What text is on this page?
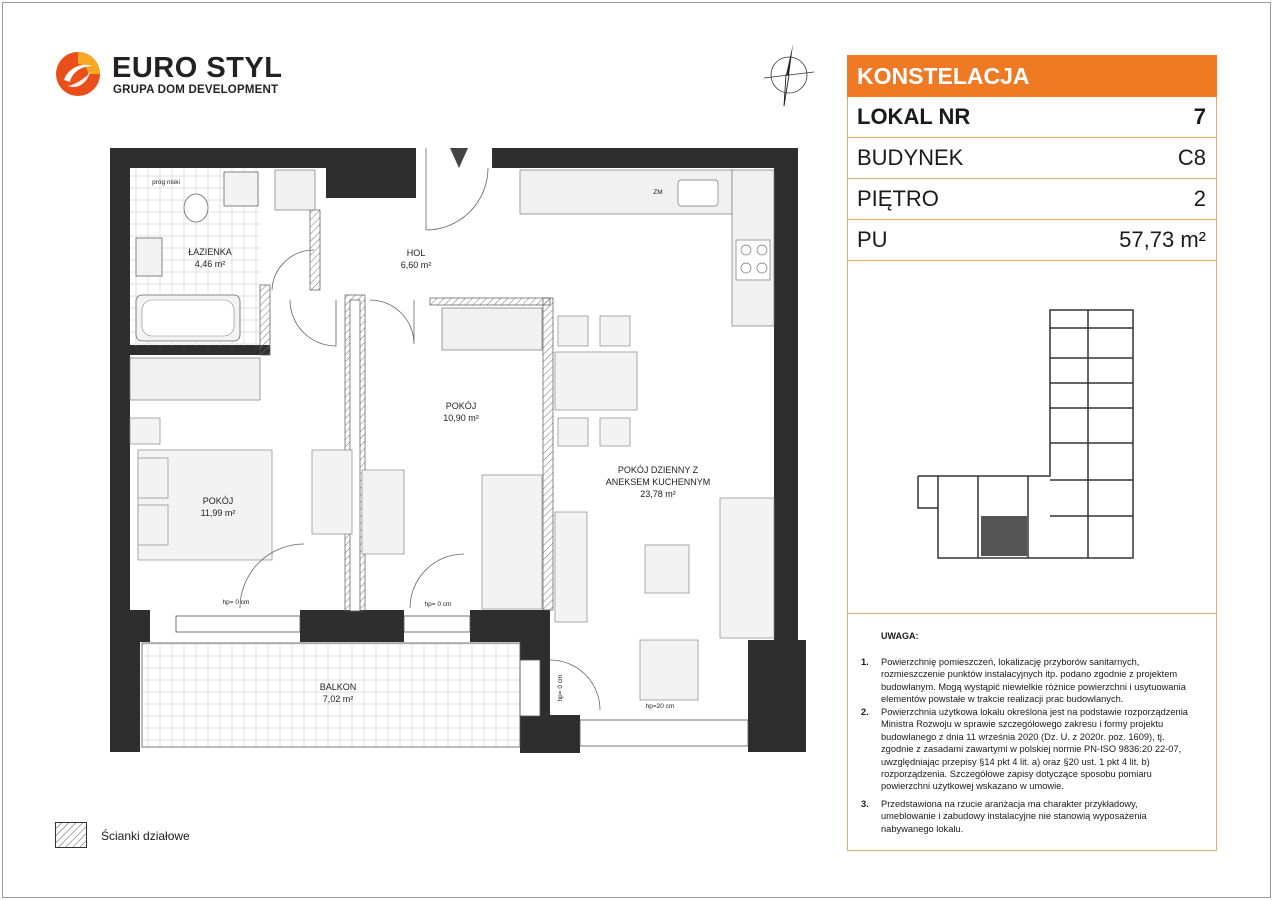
EURO STYL
GRUPA DOM DEVELOPMENT
ŁAZIENKA
4,46 m²
HOL
6,60 m²
POKÓJ
10,90 m²
POKÓJ
11,99 m²
POKÓJ DZIENNY Z
ANEKSEM KUCHENNYM
23,78 m²
BALKON
7,02 m²
próg niski
ZM
hp= 0 cm	hp= 0 cm
hp= 0 cm
hp=20 cm
KONSTELACJA
LOKAL NR	7
BUDYNEK	C8
PIĘTRO	2
PU	57,73 m²
UWAGA:
1. Powierzchnię pomieszczeń, lokalizację przyborów sanitarnych, rozmieszczenie punktów instalacyjnych itp. podano zgodnie z projektem budowlanym. Mogą wystąpić niewielkie różnice powierzchni i usytuowania elementów powstałe w trakcie realizacji prac budowlanych.
2. Powierzchnia użytkowa lokalu określona jest na podstawie rozporządzenia Ministra Rozwoju w sprawie szczegółowego zakresu i formy projektu budowlanego z dnia 11 września 2020 (Dz. U. z 2020r. poz. 1609), tj. zgodnie z zasadami zawartymi w polskiej normie PN-ISO 9836:20 22-07, uwzględniając przepisy §14 pkt 4 lit. a) oraz §20 ust. 1 pkt 4 lit. b) rozporządzenia. Szczegółowe zapisy dotyczące sposobu pomiaru powierzchni użytkowej wskazano w umowie.
3. Przedstawiona na rzucie aranżacja ma charakter przykładowy, umeblowanie i zabudowy instalacyjne nie stanowią wyposażenia nabywanego lokalu.
Ścianki działowe
